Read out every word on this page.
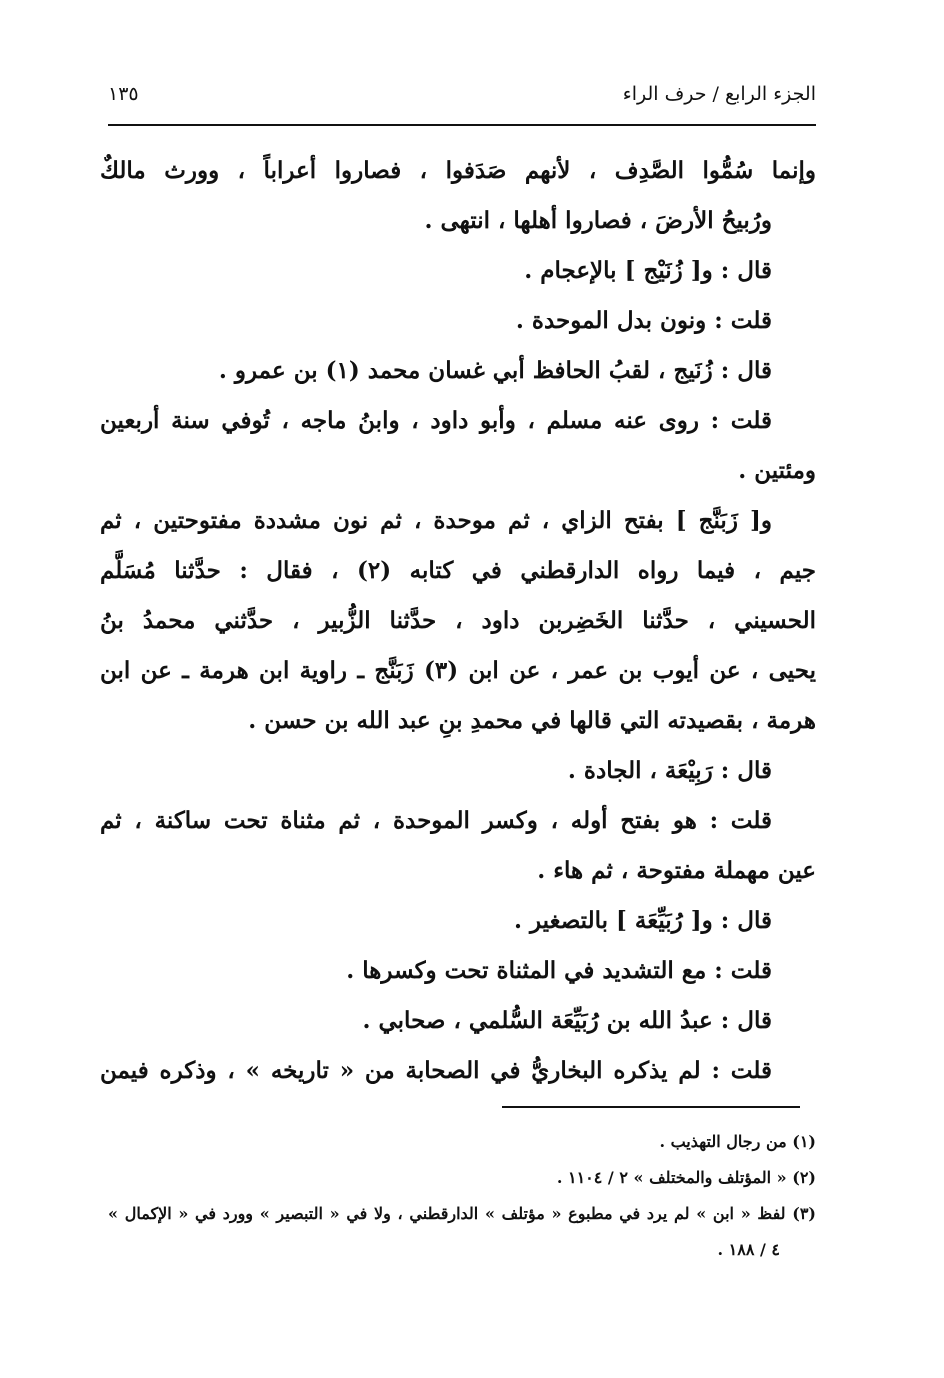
الجزء الرابع / حرف الراء
١٣٥
وإنما سُمُّوا الصَّدِف ، لأنهم صَدَفوا ، فصاروا أعراباً ، وورث مالكٌ
ورُبيحُ الأرضَ ، فصاروا أهلها ، انتهى .
قال : و[ زُنَيْج ] بالإعجام .
قلت : ونون بدل الموحدة .
قال : زُنَيج ، لقبُ الحافظ أبي غسان محمد (١) بن عمرو .
قلت : روى عنه مسلم ، وأبو داود ، وابنُ ماجه ، تُوفي سنة أربعين
ومئتين .
و[ زَبَنَّج ] بفتح الزاي ، ثم موحدة ، ثم نون مشددة مفتوحتين ، ثم
جيم ، فيما رواه الدارقطني في كتابه (٢) ، فقال : حدَّثنا مُسَلَّم
الحسيني ، حدَّثنا الخَضِربن داود ، حدَّثنا الزُّبير ، حدَّثني محمدُ بنُ
يحيى ، عن أيوب بن عمر ، عن ابن (٣) زَبَنَّج ـ راوية ابن هرمة ـ عن ابن
هرمة ، بقصيدته التي قالها في محمدِ بنِ عبد الله بن حسن .
قال : رَبِيْعَة ، الجادة .
قلت : هو بفتح أوله ، وكسر الموحدة ، ثم مثناة تحت ساكنة ، ثم
عين مهملة مفتوحة ، ثم هاء .
قال : و[ رُبَيِّعَة ] بالتصغير .
قلت : مع التشديد في المثناة تحت وكسرها .
قال : عبدُ الله بن رُبَيِّعَة السُّلمي ، صحابي .
قلت : لم يذكره البخاريُّ في الصحابة من « تاريخه » ، وذكره فيمن
(١) من رجال التهذيب .
(٢) « المؤتلف والمختلف » ٢ / ١١٠٤ .
(٣) لفظ « ابن » لم يرد في مطبوع « مؤتلف » الدارقطني ، ولا في « التبصير » وورد في « الإكمال »
٤ / ١٨٨ .
